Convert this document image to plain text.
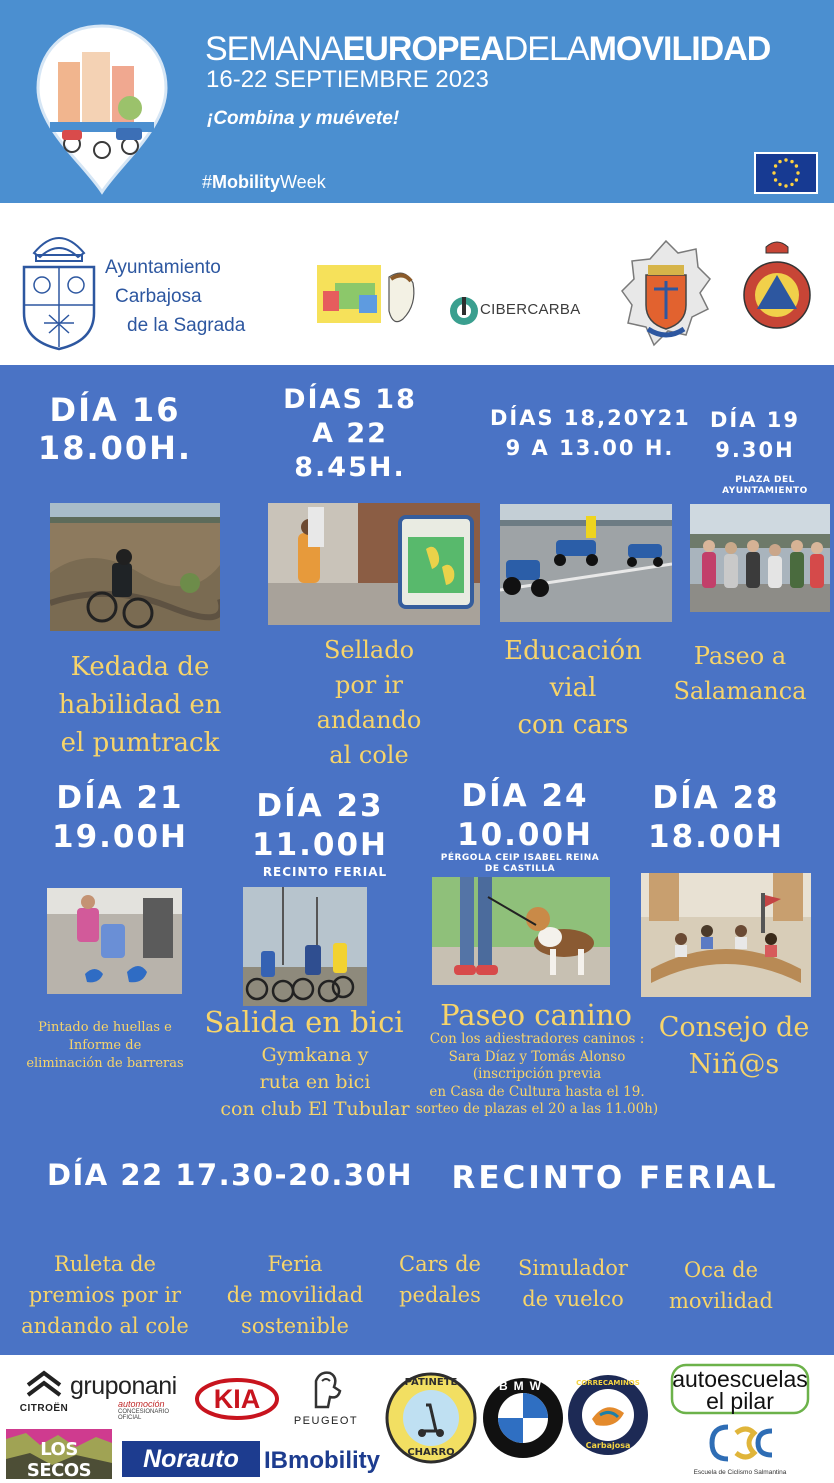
SEMANAEUROPEADELAMOVILIDAD
16-22 SEPTIEMBRE 2023
¡Combina y muévete!
#MobilityWeek
Ayuntamiento
Carbajosa
de la Sagrada
CIBERCARBA
DÍA 16
18.00H.
Kedada de
habilidad en
el pumtrack
DÍAS 18
A 22
8.45H.
Sellado
por ir
andando
al cole
DÍAS 18,20Y21
9 A 13.00 H.
Educación
vial
con cars
DÍA 19
9.30H
PLAZA DEL
AYUNTAMIENTO
Paseo a
Salamanca
DÍA 21
19.00H
Pintado de huellas e
Informe de
eliminación de barreras
DÍA 23
11.00H
RECINTO FERIAL
Salida en bici
Gymkana y
ruta en bici
con club El Tubular
DÍA 24
10.00H
PÉRGOLA CEIP ISABEL REINA
DE CASTILLA
Paseo canino
Con los adiestradores caninos :
Sara Díaz y Tomás Alonso
(inscripción previa
en Casa de Cultura hasta el 19.
sorteo de plazas el 20 a las 11.00h)
DÍA 28
18.00H
Consejo de
Niñ@s
DÍA 22 17.30-20.30H	RECINTO FERIAL
Ruleta de
premios por ir
andando al cole
Feria
de movilidad
sostenible
Cars de
pedales
Simulador
de vuelco
Oca de
movilidad
CITROËN
gruponani
automoción
CONCESIONARIO OFICIAL
KIA
PEUGEOT
PATINETE
CHARRO
BMW	CORRECAMINOS
Carbajosa
autoescuelas
el pilar
LOS SECOS	Norauto	IBmobility	Escuela de Ciclismo Salmantina
